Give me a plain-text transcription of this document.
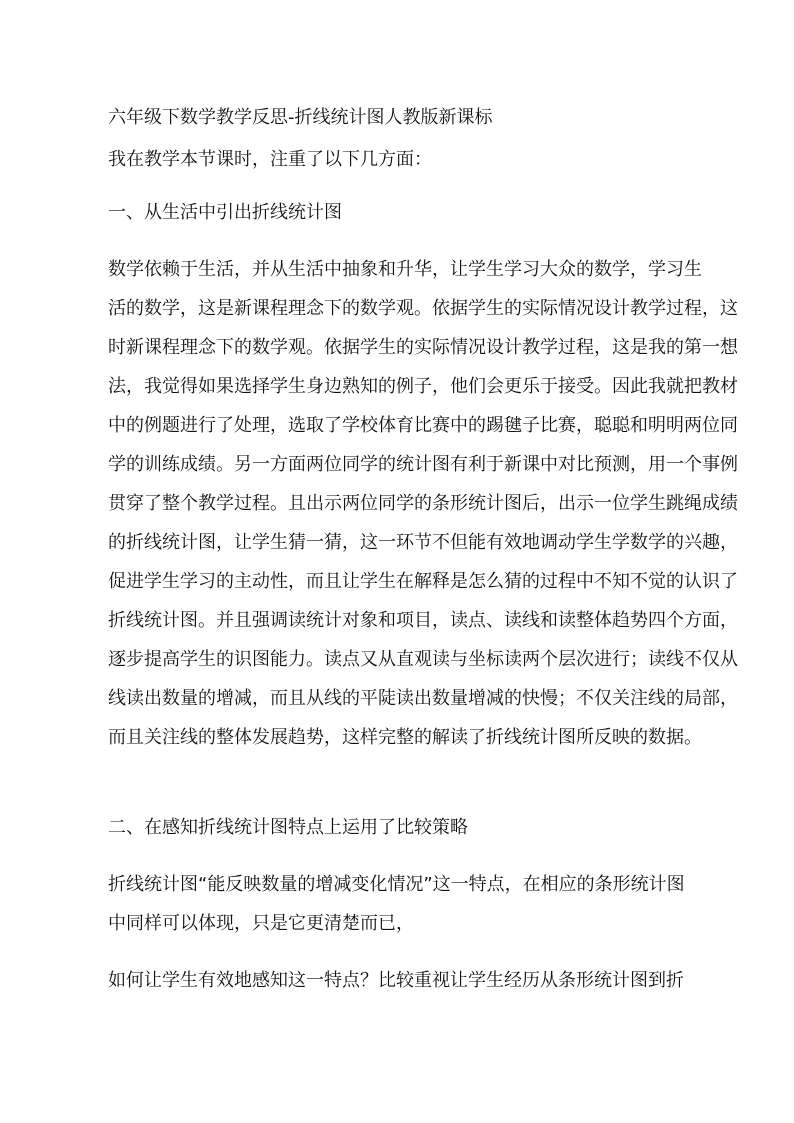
六年级下数学教学反思-折线统计图人教版新课标
我在教学本节课时，注重了以下几方面：
一、从生活中引出折线统计图
数学依赖于生活，并从生活中抽象和升华，让学生学习大众的数学，学习生
活的数学，这是新课程理念下的数学观。依据学生的实际情况设计教学过程，这
时新课程理念下的数学观。依据学生的实际情况设计教学过程，这是我的第一想
法，我觉得如果选择学生身边熟知的例子，他们会更乐于接受。因此我就把教材
中的例题进行了处理，选取了学校体育比赛中的踢毽子比赛，聪聪和明明两位同
学的训练成绩。另一方面两位同学的统计图有利于新课中对比预测，用一个事例
贯穿了整个教学过程。且出示两位同学的条形统计图后，出示一位学生跳绳成绩
的折线统计图，让学生猜一猜，这一环节不但能有效地调动学生学数学的兴趣，
促进学生学习的主动性，而且让学生在解释是怎么猜的过程中不知不觉的认识了
折线统计图。并且强调读统计对象和项目，读点、读线和读整体趋势四个方面，
逐步提高学生的识图能力。读点又从直观读与坐标读两个层次进行；读线不仅从
线读出数量的增减，而且从线的平陡读出数量增减的快慢；不仅关注线的局部，
而且关注线的整体发展趋势，这样完整的解读了折线统计图所反映的数据。
二、在感知折线统计图特点上运用了比较策略
折线统计图“能反映数量的增减变化情况”这一特点，在相应的条形统计图
中同样可以体现，只是它更清楚而已，
如何让学生有效地感知这一特点？比较重视让学生经历从条形统计图到折
